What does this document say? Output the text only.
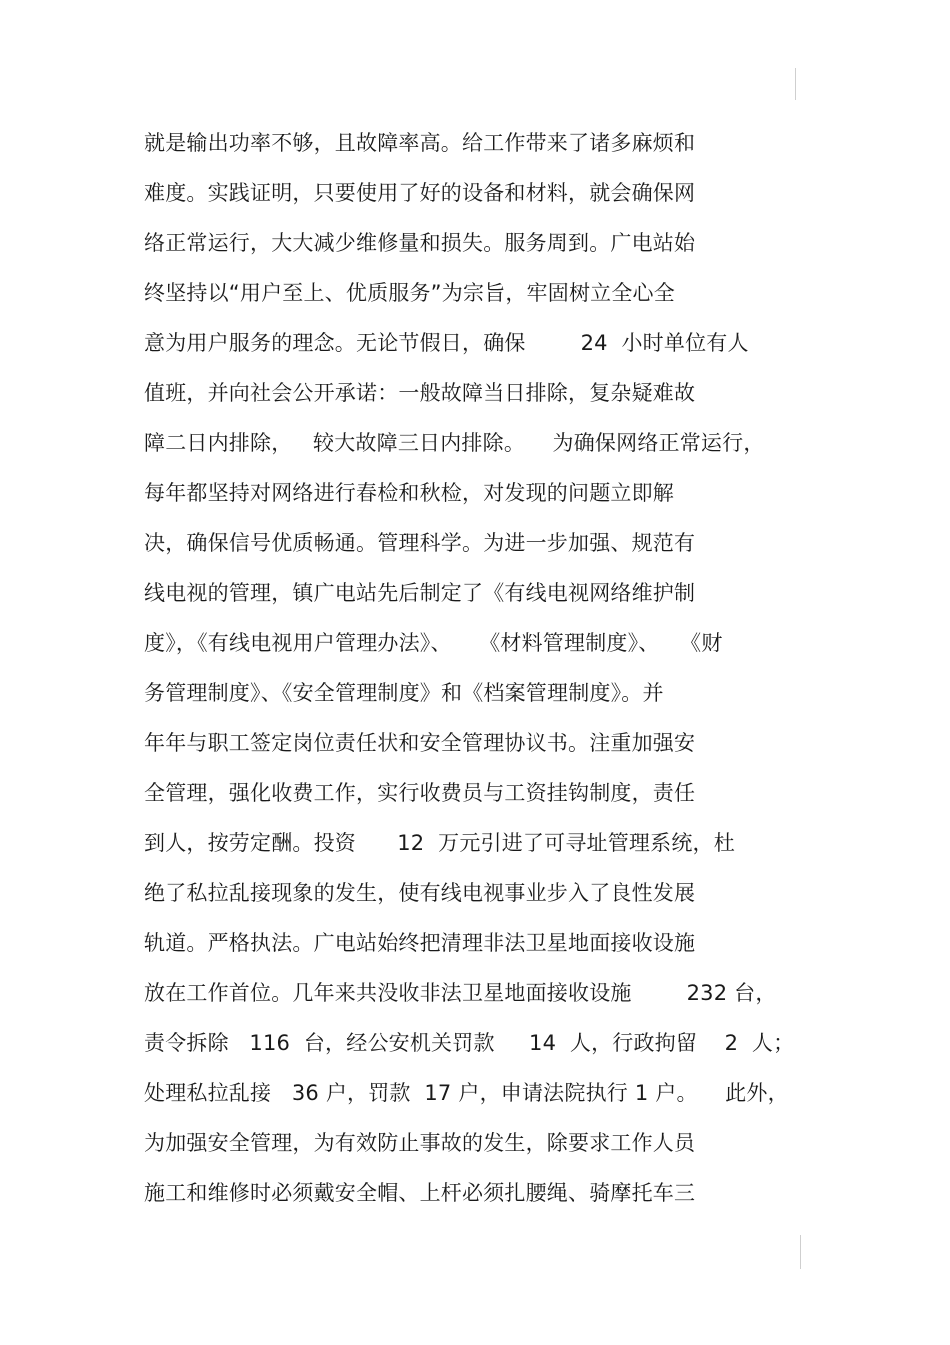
就是输出功率不够，且故障率高。给工作带来了诸多麻烦和
难度。实践证明，只要使用了好的设备和材料，就会确保网
络正常运行，大大减少维修量和损失。服务周到。广电站始
终坚持以“用户至上、优质服务”为宗旨，牢固树立全心全
意为用户服务的理念。无论节假日，确保        24  小时单位有人
值班，并向社会公开承诺：一般故障当日排除，复杂疑难故
障二日内排除，   较大故障三日内排除。    为确保网络正常运行，
每年都坚持对网络进行春检和秋检，对发现的问题立即解
决，确保信号优质畅通。管理科学。为进一步加强、规范有
线电视的管理，镇广电站先后制定了《有线电视网络维护制
度》，《有线电视用户管理办法》、    《材料管理制度》、   《财
务管理制度》、《安全管理制度》和《档案管理制度》。并
年年与职工签定岗位责任状和安全管理协议书。注重加强安
全管理，强化收费工作，实行收费员与工资挂钩制度，责任
到人，按劳定酬。投资      12  万元引进了可寻址管理系统，杜
绝了私拉乱接现象的发生，使有线电视事业步入了良性发展
轨道。严格执法。广电站始终把清理非法卫星地面接收设施
放在工作首位。几年来共没收非法卫星地面接收设施        232 台，
责令拆除   116  台，经公安机关罚款     14  人，行政拘留    2  人；
处理私拉乱接   36 户，罚款  17 户，申请法院执行 1 户。    此外，
为加强安全管理，为有效防止事故的发生，除要求工作人员
施工和维修时必须戴安全帽、上杆必须扎腰绳、骑摩托车三
